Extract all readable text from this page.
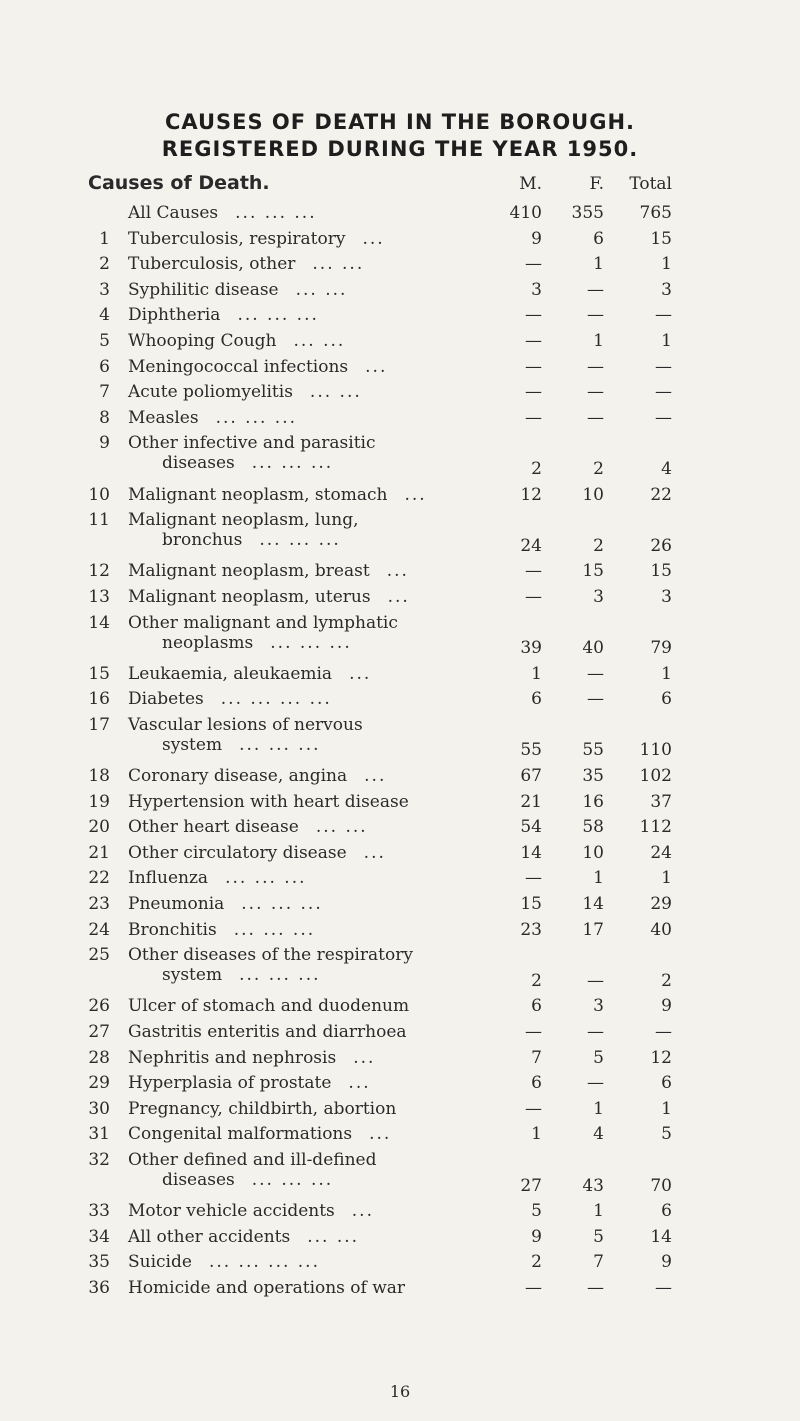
CAUSES OF DEATH IN THE BOROUGH.
REGISTERED DURING THE YEAR 1950.
Causes of Death.	M.	F.	Total
All Causes  ... ... ...	410	355	765
1 Tuberculosis, respiratory  ...	9	6	15
2 Tuberculosis, other  ... ...	—	1	1
3 Syphilitic disease  ... ...	3	—	3
4 Diphtheria  ... ... ...	—	—	—
5 Whooping Cough  ... ...	—	1	1
6 Meningococcal infections  ...	—	—	—
7 Acute poliomyelitis  ... ...	—	—	—
8 Measles  ... ... ...	—	—	—
9 Other infective and parasitic
diseases  ... ... ...	2	2	4
10 Malignant neoplasm, stomach  ...	12	10	22
11 Malignant neoplasm, lung,
bronchus  ... ... ...	24	2	26
12 Malignant neoplasm, breast  ...	—	15	15
13 Malignant neoplasm, uterus  ...	—	3	3
14 Other malignant and lymphatic
neoplasms  ... ... ...	39	40	79
15 Leukaemia, aleukaemia  ...	1	—	1
16 Diabetes  ... ... ... ...	6	—	6
17 Vascular lesions of nervous
system  ... ... ...	55	55	110
18 Coronary disease, angina  ...	67	35	102
19 Hypertension with heart disease 	21	16	37
20 Other heart disease  ... ...	54	58	112
21 Other circulatory disease  ...	14	10	24
22 Influenza  ... ... ...	—	1	1
23 Pneumonia  ... ... ...	15	14	29
24 Bronchitis  ... ... ...	23	17	40
25 Other diseases of the respiratory
system  ... ... ...	2	—	2
26 Ulcer of stomach and duodenum 	6	3	9
27 Gastritis enteritis and diarrhoea 	—	—	—
28 Nephritis and nephrosis  ...	7	5	12
29 Hyperplasia of prostate  ...	6	—	6
30 Pregnancy, childbirth, abortion 	—	1	1
31 Congenital malformations  ...	1	4	5
32 Other defined and ill-defined
diseases  ... ... ...	27	43	70
33 Motor vehicle accidents  ...	5	1	6
34 All other accidents  ... ...	9	5	14
35 Suicide  ... ... ... ...	2	7	9
36 Homicide and operations of war 	—	—	—
16
